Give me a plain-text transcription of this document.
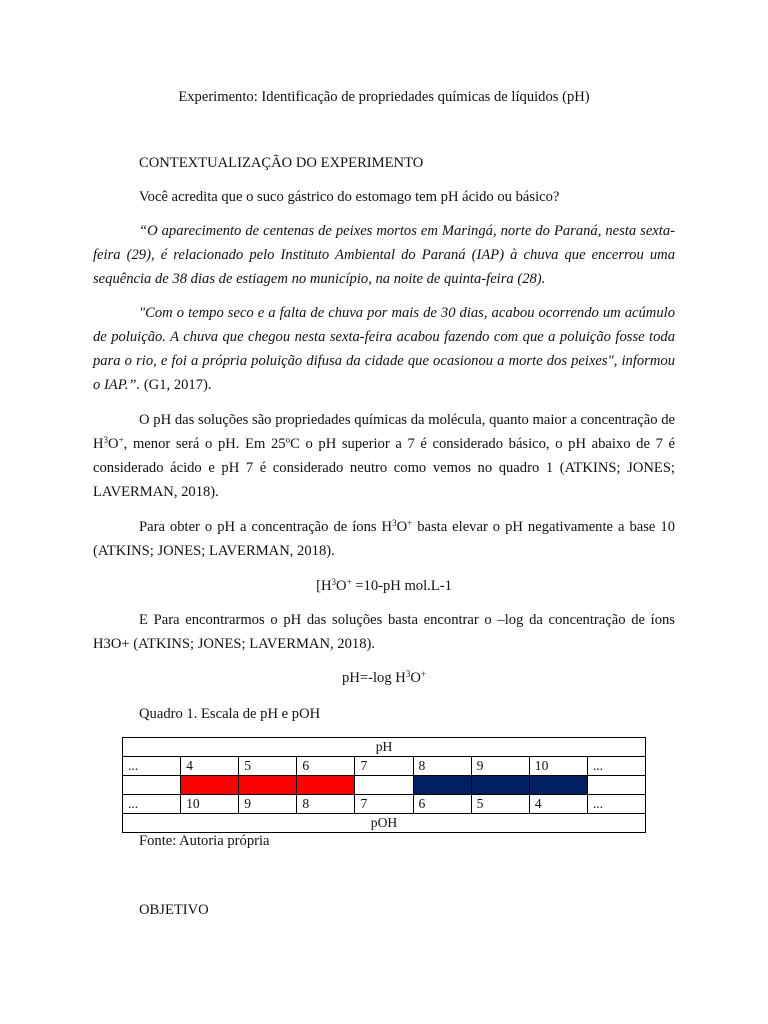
Experimento: Identificação de propriedades químicas de líquidos (pH)

CONTEXTUALIZAÇÃO DO EXPERIMENTO

Você acredita que o suco gástrico do estomago tem pH ácido ou básico?

“O aparecimento de centenas de peixes mortos em Maringá, norte do Paraná, nesta sexta-feira (29), é relacionado pelo Instituto Ambiental do Paraná (IAP) à chuva que encerrou uma sequência de 38 dias de estiagem no município, na noite de quinta-feira (28).

"Com o tempo seco e a falta de chuva por mais de 30 dias, acabou ocorrendo um acúmulo de poluição. A chuva que chegou nesta sexta-feira acabou fazendo com que a poluição fosse toda para o rio, e foi a própria poluição difusa da cidade que ocasionou a morte dos peixes", informou o IAP.”. (G1, 2017).

O pH das soluções são propriedades químicas da molécula, quanto maior a concentração de $H^3O^+$, menor será o pH. Em 25ºC o pH superior a 7 é considerado básico, o pH abaixo de 7 é considerado ácido e pH 7 é considerado neutro como vemos no quadro 1 (ATKINS; JONES; LAVERMAN, 2018).

Para obter o pH a concentração de íons $H^3O^+$ basta elevar o pH negativamente a base 10 (ATKINS; JONES; LAVERMAN, 2018).

[$H^3O^+ =10-pH$ mol.L-1

E Para encontrarmos o pH das soluções basta encontrar o –log da concentração de íons H3O+ (ATKINS; JONES; LAVERMAN, 2018).

pH=-log $H^3O^+$

Quadro 1. Escala de pH e pOH

pH								
...	4	5	6	7	8	9	10	...

...	10	9	8	7	6	5	4	...
pOH								

Fonte: Autoria própria

OBJETIVO
